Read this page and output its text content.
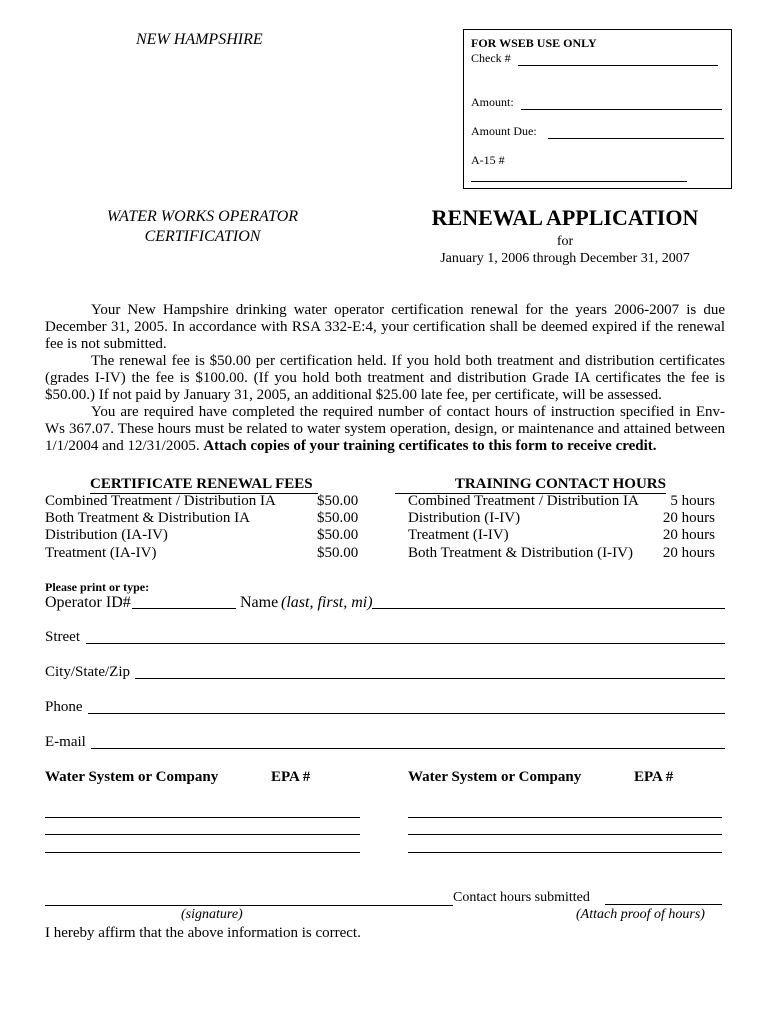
NEW HAMPSHIRE	FOR WSEB USE ONLY
Check #
Amount:
Amount Due:
A-15 #
WATER WORKS OPERATOR
CERTIFICATION
RENEWAL APPLICATION
for
January 1, 2006 through December 31, 2007

Your New Hampshire drinking water operator certification renewal for the years 2006-2007 is due December 31, 2005. In accordance with RSA 332-E:4, your certification shall be deemed expired if the renewal fee is not submitted.

The renewal fee is $50.00 per certification held. If you hold both treatment and distribution certificates (grades I-IV) the fee is $100.00. (If you hold both treatment and distribution Grade IA certificates the fee is $50.00.) If not paid by January 31, 2005, an additional $25.00 late fee, per certificate, will be assessed.

You are required have completed the required number of contact hours of instruction specified in Env-Ws 367.07. These hours must be related to water system operation, design, or maintenance and attained between 1/1/2004 and 12/31/2005. Attach copies of your training certificates to this form to receive credit.

CERTIFICATE RENEWAL FEES	TRAINING CONTACT HOURS
Combined Treatment / Distribution IA	$50.00
Both Treatment & Distribution IA	$50.00
Distribution (IA-IV)	$50.00
Treatment (IA-IV)	$50.00
Combined Treatment / Distribution IA	5 hours
Distribution (I-IV)	20 hours
Treatment (I-IV)	20 hours
Both Treatment & Distribution (I-IV)	20 hours
Please print or type:
Operator ID#	Name (last, first, mi)
Street
City/State/Zip
Phone
E-mail
Water System or Company	EPA #	Water System or Company	EPA #
Contact hours submitted
(signature)	(Attach proof of hours)
I hereby affirm that the above information is correct.
